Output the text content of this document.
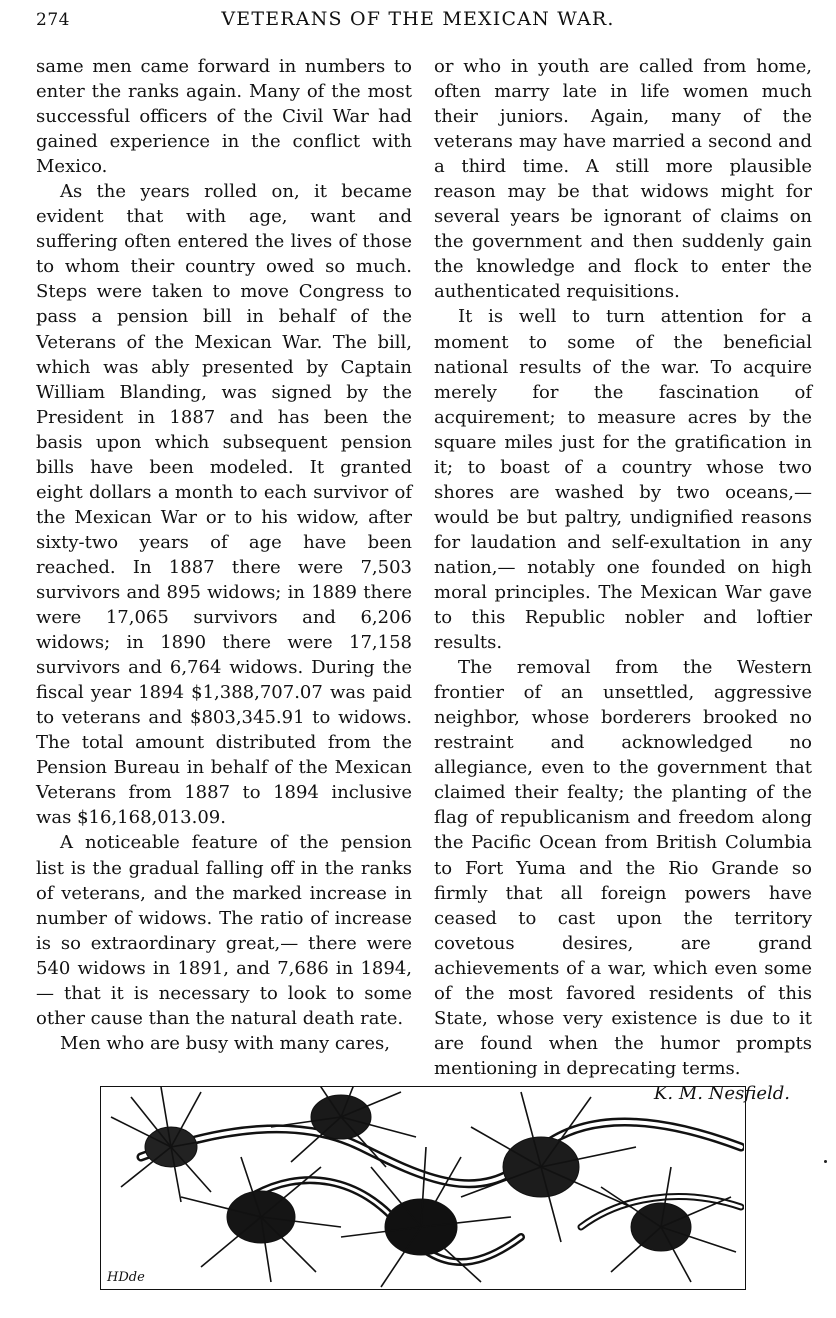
274	VETERANS OF THE MEXICAN WAR.

same men came forward in numbers to enter the ranks again. Many of the most successful officers of the Civil War had gained experience in the conflict with Mexico.

As the years rolled on, it became evident that with age, want and suffering often entered the lives of those to whom their country owed so much. Steps were taken to move Congress to pass a pension bill in behalf of the Veterans of the Mexican War. The bill, which was ably presented by Captain William Blanding, was signed by the President in 1887 and has been the basis upon which subsequent pension bills have been modeled. It granted eight dollars a month to each survivor of the Mexican War or to his widow, after sixty-two years of age have been reached. In 1887 there were 7,503 survivors and 895 widows; in 1889 there were 17,065 survivors and 6,206 widows; in 1890 there were 17,158 survivors and 6,764 widows. During the fiscal year 1894 $1,388,707.07 was paid to veterans and $803,345.91 to widows. The total amount distributed from the Pension Bureau in behalf of the Mexican Veterans from 1887 to 1894 inclusive was $16,168,013.09.

A noticeable feature of the pension list is the gradual falling off in the ranks of veterans, and the marked increase in number of widows. The ratio of increase is so extraordinary great,— there were 540 widows in 1891, and 7,686 in 1894,— that it is necessary to look to some other cause than the natural death rate.

Men who are busy with many cares,

or who in youth are called from home, often marry late in life women much their juniors. Again, many of the veterans may have married a second and a third time. A still more plausible reason may be that widows might for several years be ignorant of claims on the government and then suddenly gain the knowledge and flock to enter the authenticated requisitions.

It is well to turn attention for a moment to some of the beneficial national results of the war. To acquire merely for the fascination of acquirement; to measure acres by the square miles just for the gratification in it; to boast of a country whose two shores are washed by two oceans,— would be but paltry, undignified reasons for laudation and self-exultation in any nation,— notably one founded on high moral principles. The Mexican War gave to this Republic nobler and loftier results.

The removal from the Western frontier of an unsettled, aggressive neighbor, whose borderers brooked no restraint and acknowledged no allegiance, even to the government that claimed their fealty; the planting of the flag of republicanism and freedom along the Pacific Ocean from British Columbia to Fort Yuma and the Rio Grande so firmly that all foreign powers have ceased to cast upon the territory covetous desires, are grand achievements of a war, which even some of the most favored residents of this State, whose very existence is due to it are found when the humor prompts mentioning in deprecating terms.

K. M. Nesfield.

HDde
